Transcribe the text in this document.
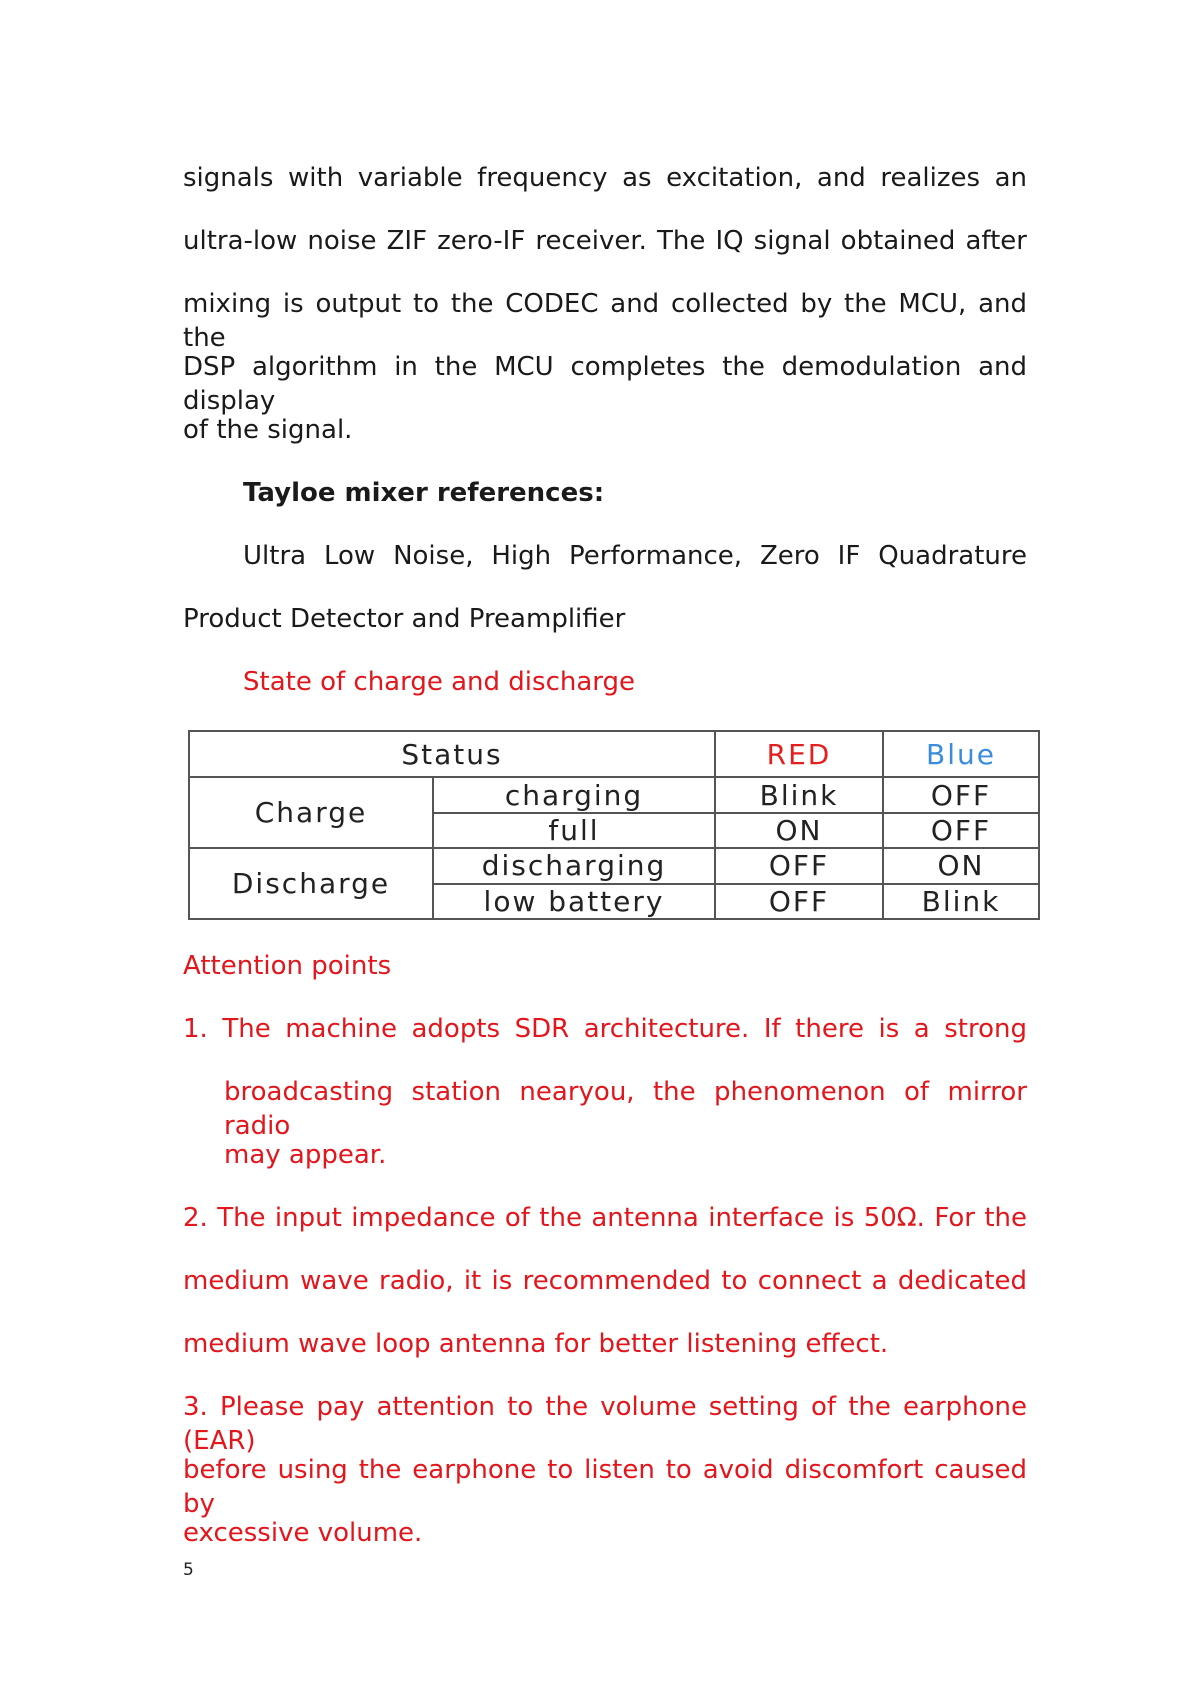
signals with variable frequency as excitation, and realizes an
ultra-low noise ZIF zero-IF receiver. The IQ signal obtained after
mixing is output to the CODEC and collected by the MCU, and the
DSP algorithm in the MCU completes the demodulation and display
of the signal.
Tayloe mixer references:
Ultra Low Noise, High Performance, Zero IF Quadrature
Product Detector and Preamplifier
State of charge and discharge
Status		RED	Blue
Charge	charging	Blink	OFF
	full	ON	OFF
Discharge	discharging	OFF	ON
	low battery	OFF	Blink
Attention points
1. The machine adopts SDR architecture. If there is a strong
broadcasting station nearyou, the phenomenon of mirror radio
may appear.
2. The input impedance of the antenna interface is 50Ω. For the
medium wave radio, it is recommended to connect a dedicated
medium wave loop antenna for better listening effect.
3. Please pay attention to the volume setting of the earphone (EAR)
before using the earphone to listen to avoid discomfort caused by
excessive volume.
5
